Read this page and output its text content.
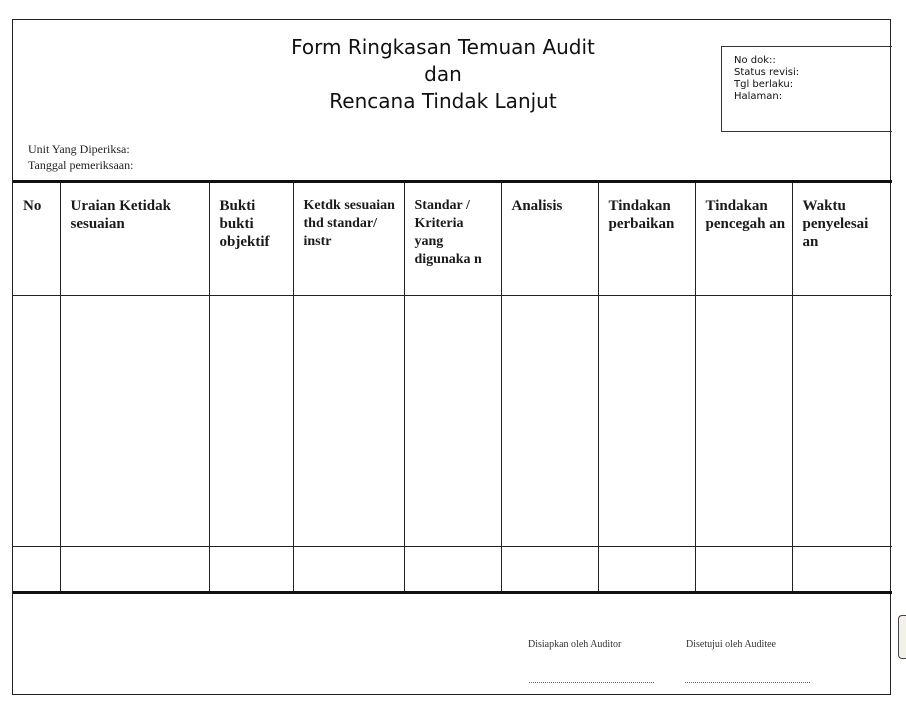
Form Ringkasan Temuan Audit
dan
Rencana Tindak Lanjut
No dok::
Status revisi:
Tgl berlaku:
Halaman:
Unit Yang Diperiksa:
Tanggal pemeriksaan:
No	Uraian Ketidak sesuaian	Bukti bukti objektif	Ketdk sesuaian thd standar/ instr	Standar / Kriteria yang digunaka n	Analisis	Tindakan perbaikan	Tindakan pencegah an	Waktu penyelesai an

Disiapkan oleh Auditor	Disetujui oleh Auditee
